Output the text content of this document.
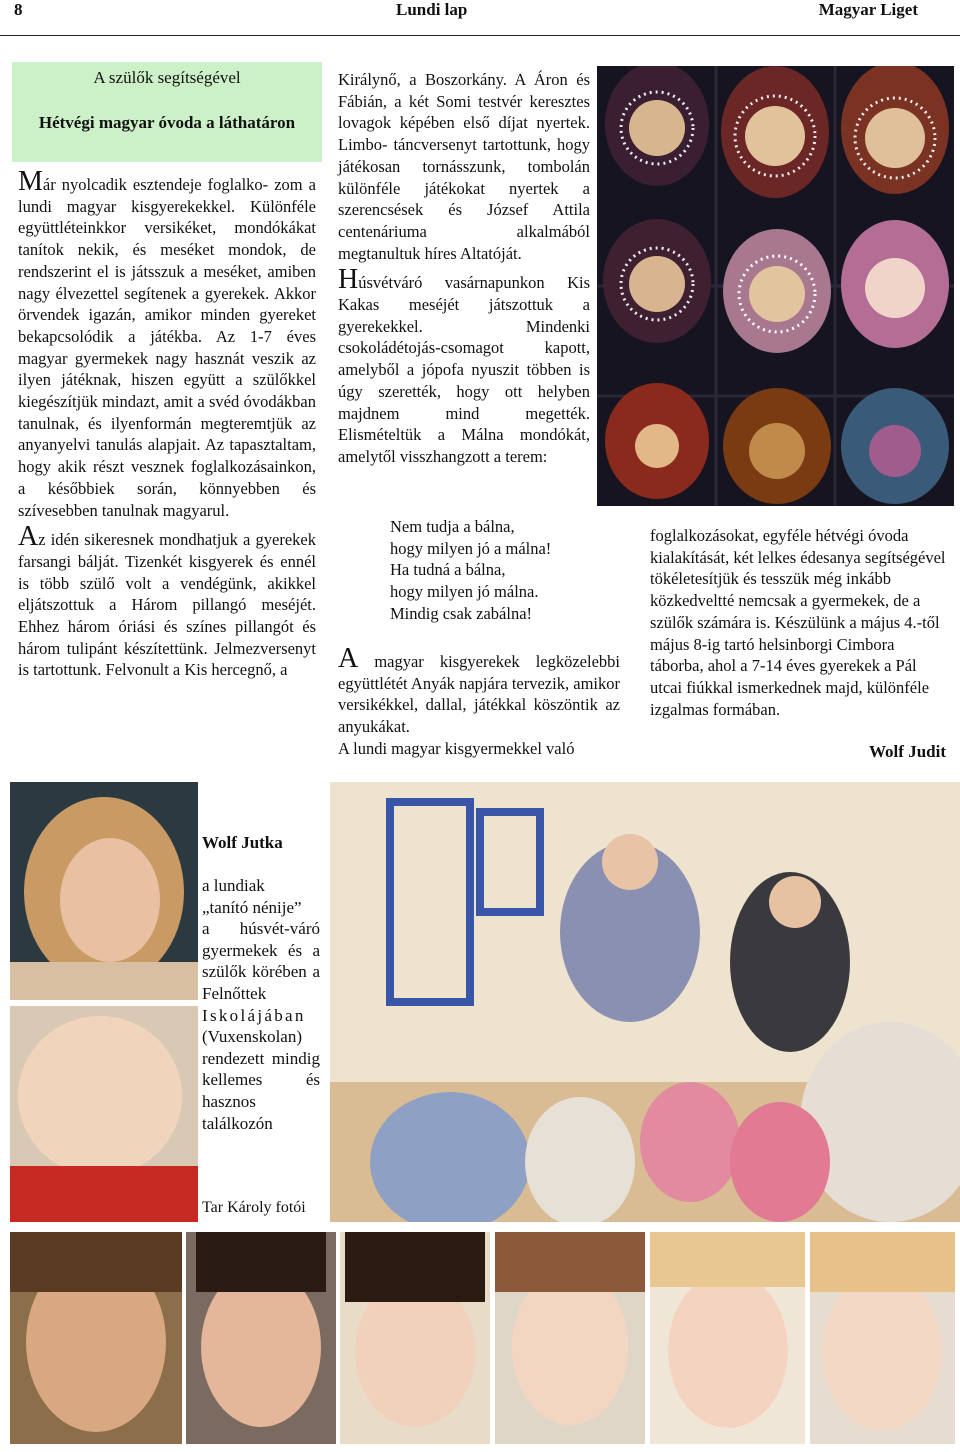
8	Lundi lap	Magyar Liget
A szülők segítségével
Hétvégi magyar óvoda a láthatáron

Már nyolcadik esztendeje foglalko- zom a lundi magyar kisgyerekekkel. Különféle együttléteinkkor versikéket, mondókákat tanítok nekik, és meséket mondok, de rendszerint el is játsszuk a meséket, amiben nagy élvezettel segítenek a gyerekek. Akkor örvendek igazán, amikor minden gyereket bekapcsolódik a játékba. Az 1-7 éves magyar gyermekek nagy hasznát veszik az ilyen játéknak, hiszen együtt a szülőkkel kiegészítjük mindazt, amit a svéd óvodákban tanulnak, és ilyenformán megteremtjük az anyanyelvi tanulás alapjait. Az tapasztaltam, hogy akik részt vesznek foglalkozásainkon, a későbbiek során, könnyebben és szívesebben tanulnak magyarul.

Az idén sikeresnek mondhatjuk a gyerekek farsangi bálját. Tizenkét kisgyerek és ennél is több szülő volt a vendégünk, akikkel eljátszottuk a Három pillangó meséjét. Ehhez három óriási és színes pillangót és három tulipánt készítettünk. Jelmezversenyt is tartottunk. Felvonult a Kis hercegnő, a

Királynő, a Boszorkány. A Áron és Fábián, a két Somi testvér keresztes lovagok képében első díjat nyertek. Limbo- táncversenyt tartottunk, hogy játékosan tornásszunk, tombolán különféle játékokat nyertek a szerencsések és József Attila centenáriuma alkalmából megtanultuk híres Altatóját.

Húsvétváró vasárnapunkon Kis Kakas meséjét játszottuk a gyerekekkel. Mindenki csokoládétojás-csomagot kapott, amelyből a jópofa nyuszit többen is úgy szerették, hogy ott helyben majdnem mind megették. Elismételtük a Málna mondókát, amelytől visszhangzott a terem:

Nem tudja a bálna,
hogy milyen jó a málna!
Ha tudná a bálna,
hogy milyen jó málna.
Mindig csak zabálna!

A magyar kisgyerekek legközelebbi együttlétét Anyák napjára tervezik, amikor versikékkel, dallal, játékkal köszöntik az anyukákat.

A lundi magyar kisgyermekkel való

foglalkozásokat, egyféle hétvégi óvoda kialakítását, két lelkes édesanya segítségével tökéletesítjük és tesszük még inkább közkedveltté nemcsak a gyermekek, de a szülők számára is. Készülünk a május 4.-től május 8-ig tartó helsinborgi Cimbora táborba, ahol a 7-14 éves gyerekek a Pál utcai fiúkkal ismerkednek majd, különféle izgalmas formában.

Wolf Judit
Wolf Jutka
a lundiak
„tanító nénije”
a húsvét-váró gyermekek és a szülők körében a Felnőttek
Iskolájában
(Vuxenskolan) rendezett mindig kellemes és hasznos találkozón
Tar Károly fotói
